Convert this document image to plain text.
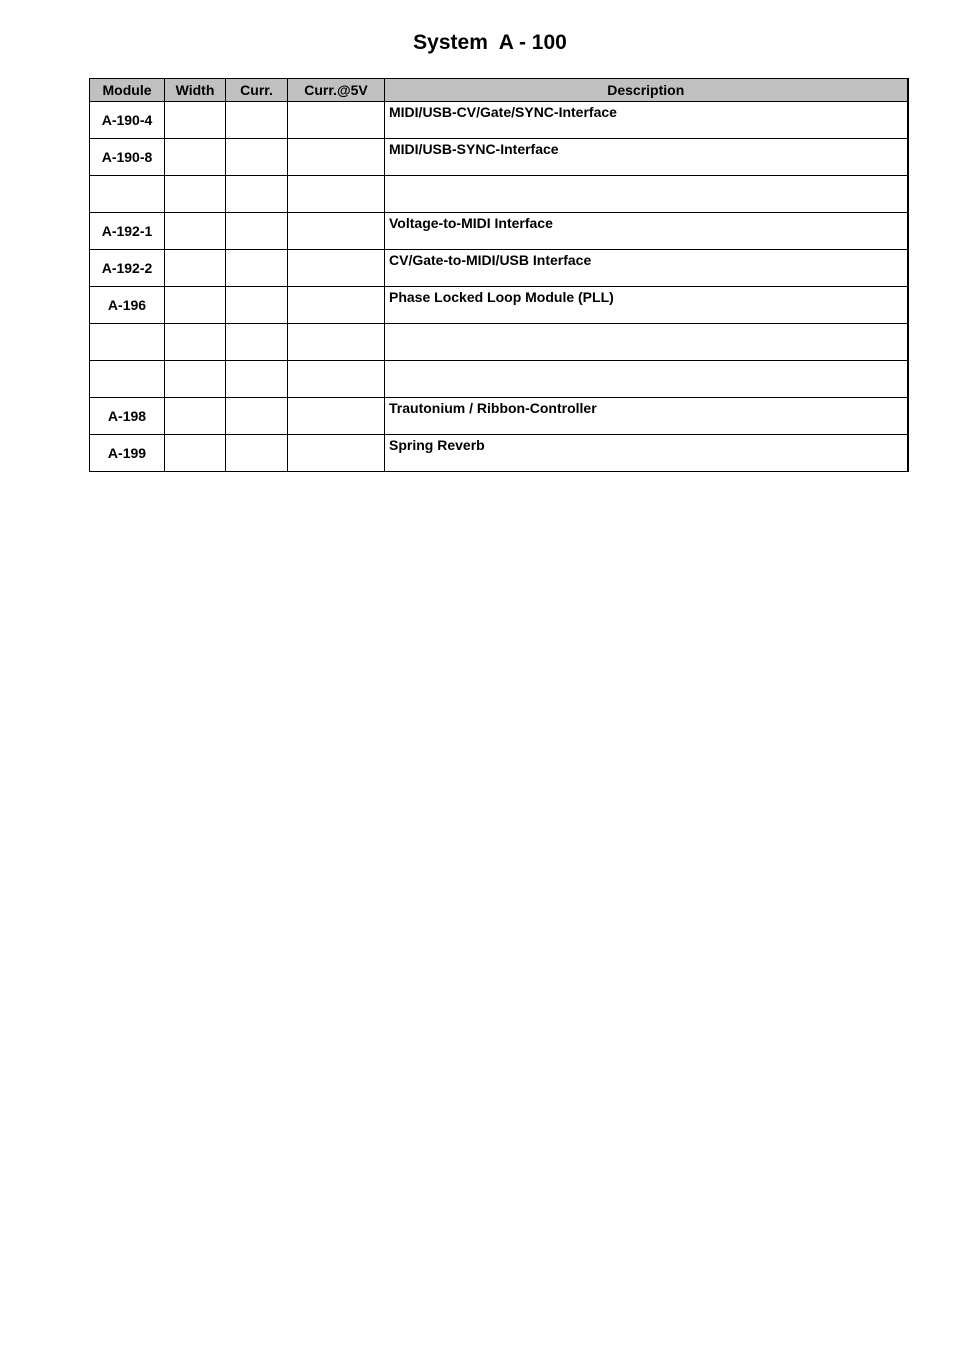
System  A - 100
Module	Width	Curr.	Curr.@5V	Description
A-190-4				MIDI/USB-CV/Gate/SYNC-Interface
A-190-8				MIDI/USB-SYNC-Interface

A-192-1				Voltage-to-MIDI Interface
A-192-2				CV/Gate-to-MIDI/USB Interface
A-196				Phase Locked Loop Module (PLL)

A-198				Trautonium / Ribbon-Controller
A-199				Spring Reverb
